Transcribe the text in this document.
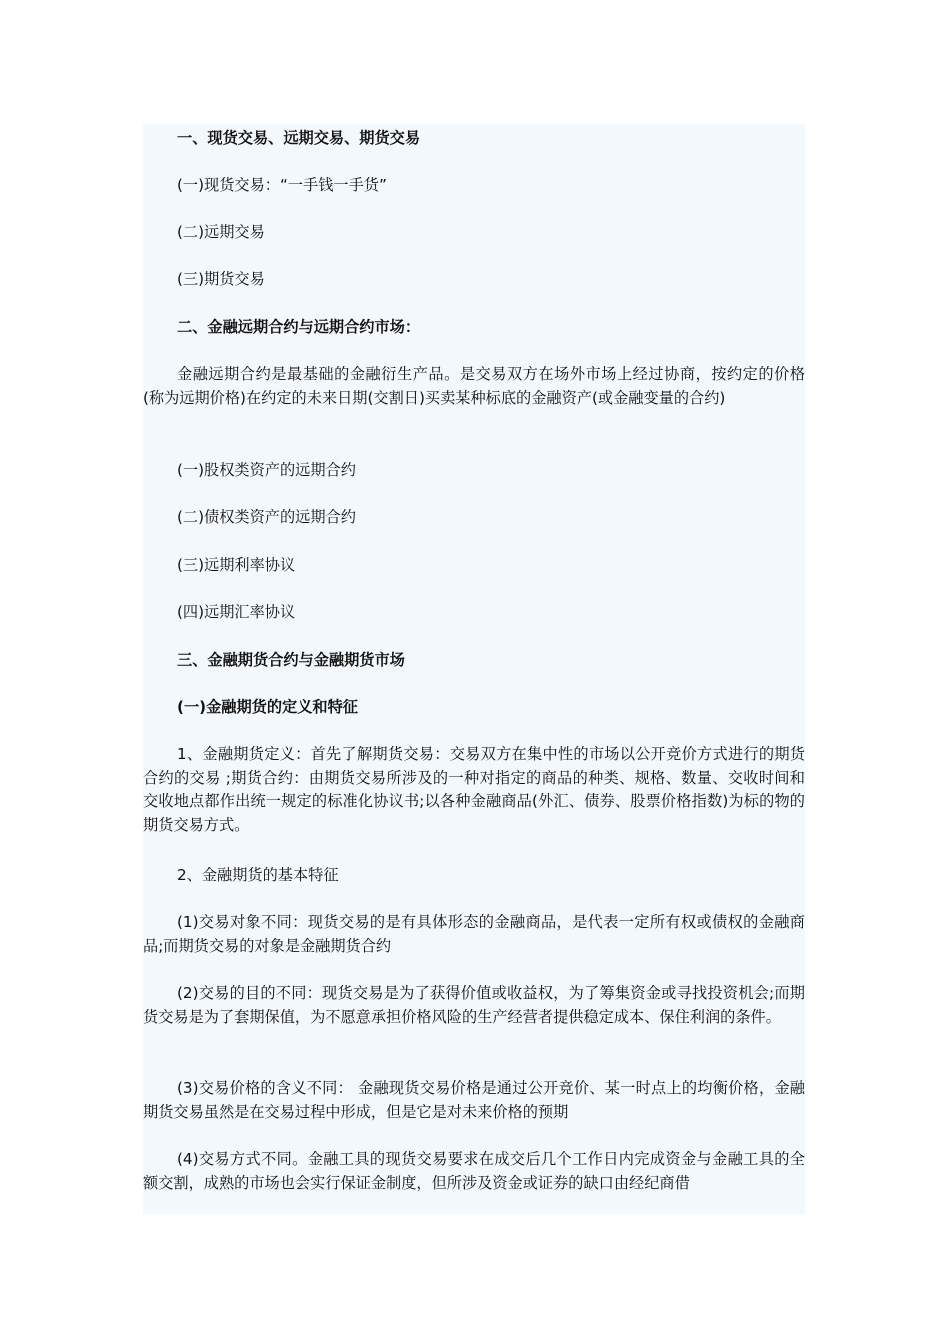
一、现货交易、远期交易、期货交易

(一)现货交易：“一手钱一手货”

(二)远期交易

(三)期货交易

二、金融远期合约与远期合约市场：

金融远期合约是最基础的金融衍生产品。是交易双方在场外市场上经过协商，按约定的价格(称为远期价格)在约定的未来日期(交割日)买卖某种标底的金融资产(或金融变量的合约)

(一)股权类资产的远期合约

(二)债权类资产的远期合约

(三)远期利率协议

(四)远期汇率协议

三、金融期货合约与金融期货市场

(一)金融期货的定义和特征

1、金融期货定义：首先了解期货交易：交易双方在集中性的市场以公开竞价方式进行的期货合约的交易 ;期货合约：由期货交易所涉及的一种对指定的商品的种类、规格、数量、交收时间和交收地点都作出统一规定的标准化协议书;以各种金融商品(外汇、债券、股票价格指数)为标的物的期货交易方式。

2、金融期货的基本特征

(1)交易对象不同：现货交易的是有具体形态的金融商品，是代表一定所有权或债权的金融商品;而期货交易的对象是金融期货合约

(2)交易的目的不同：现货交易是为了获得价值或收益权，为了筹集资金或寻找投资机会;而期货交易是为了套期保值，为不愿意承担价格风险的生产经营者提供稳定成本、保住利润的条件。

(3)交易价格的含义不同： 金融现货交易价格是通过公开竞价、某一时点上的均衡价格，金融期货交易虽然是在交易过程中形成，但是它是对未来价格的预期

(4)交易方式不同。金融工具的现货交易要求在成交后几个工作日内完成资金与金融工具的全额交割，成熟的市场也会实行保证金制度，但所涉及资金或证券的缺口由经纪商借
